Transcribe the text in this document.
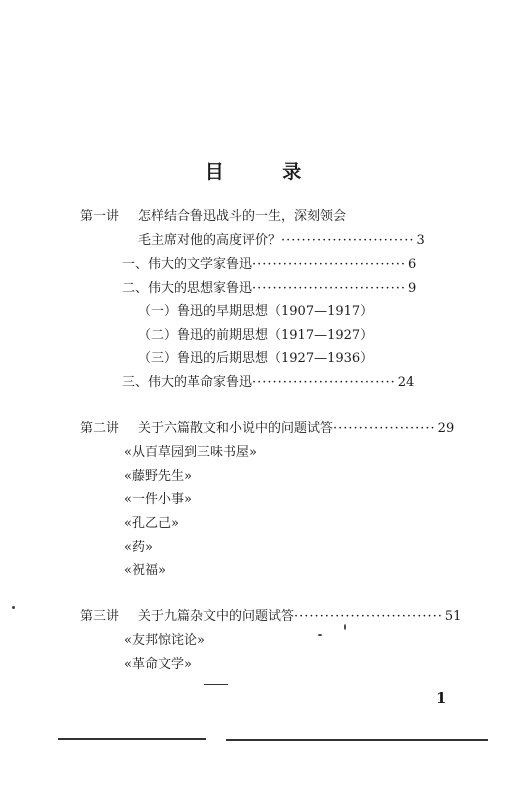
目 录
第一讲	怎样结合鲁迅战斗的一生，深刻领会
毛主席对他的高度评价？ ·························· 3
一、伟大的文学家鲁迅 ······························ 6
二、伟大的思想家鲁迅 ······························ 9
（一）鲁迅的早期思想（1907—1917）
（二）鲁迅的前期思想（1917—1927）
（三）鲁迅的后期思想（1927—1936）
三、伟大的革命家鲁迅 ···························· 24
第二讲	关于六篇散文和小说中的问题试答 ···················· 29
«从百草园到三味书屋»
«藤野先生»
«一件小事»
«孔乙己»
«药»
«祝福»
第三讲	关于九篇杂文中的问题试答 ····························· 51
«友邦惊诧论»
«革命文学»
1
